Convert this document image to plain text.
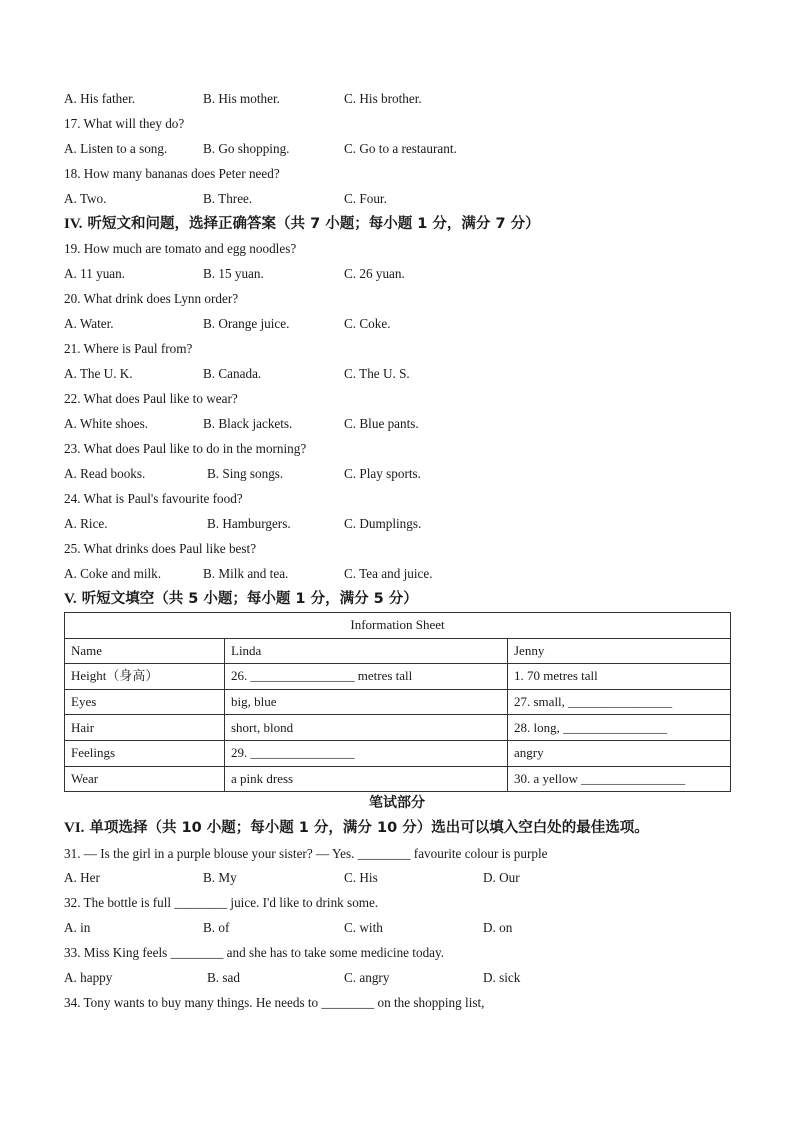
A. His father.	B. His mother.	C. His brother.
17. What will they do?
A. Listen to a song.	B. Go shopping.	C. Go to a restaurant.
18. How many bananas does Peter need?
A. Two.	B. Three.	C. Four.
IV. 听短文和问题，选择正确答案（共 7 小题；每小题 1 分，满分 7 分）
19. How much are tomato and egg noodles?
A. 11 yuan.	B. 15 yuan.	C. 26 yuan.
20. What drink does Lynn order?
A. Water.	B. Orange juice.	C. Coke.
21. Where is Paul from?
A. The U. K.	B. Canada.	C. The U. S.
22. What does Paul like to wear?
A. White shoes.	B. Black jackets.	C. Blue pants.
23. What does Paul like to do in the morning?
A. Read books.	B. Sing songs.	C. Play sports.
24. What is Paul's favourite food?
A. Rice.	B. Hamburgers.	C. Dumplings.
25. What drinks does Paul like best?
A. Coke and milk.	B. Milk and tea.	C. Tea and juice.
V. 听短文填空（共 5 小题；每小题 1 分，满分 5 分）
Information Sheet		
Name	Linda	Jenny
Height（身高）	26. ________________ metres tall	1. 70 metres tall
Eyes	big, blue	27. small, ________________
Hair	short, blond	28. long, ________________
Feelings	29. ________________	angry
Wear	a pink dress	30. a yellow ________________
笔试部分
VI. 单项选择（共 10 小题；每小题 1 分，满分 10 分）选出可以填入空白处的最佳选项。
31. — Is the girl in a purple blouse your sister? — Yes. ________ favourite colour is purple
A. Her	B. My	C. His	D. Our
32. The bottle is full ________ juice. I'd like to drink some.
A. in	B. of	C. with	D. on
33. Miss King feels ________ and she has to take some medicine today.
A. happy	B. sad	C. angry	D. sick
34. Tony wants to buy many things. He needs to ________ on the shopping list,
